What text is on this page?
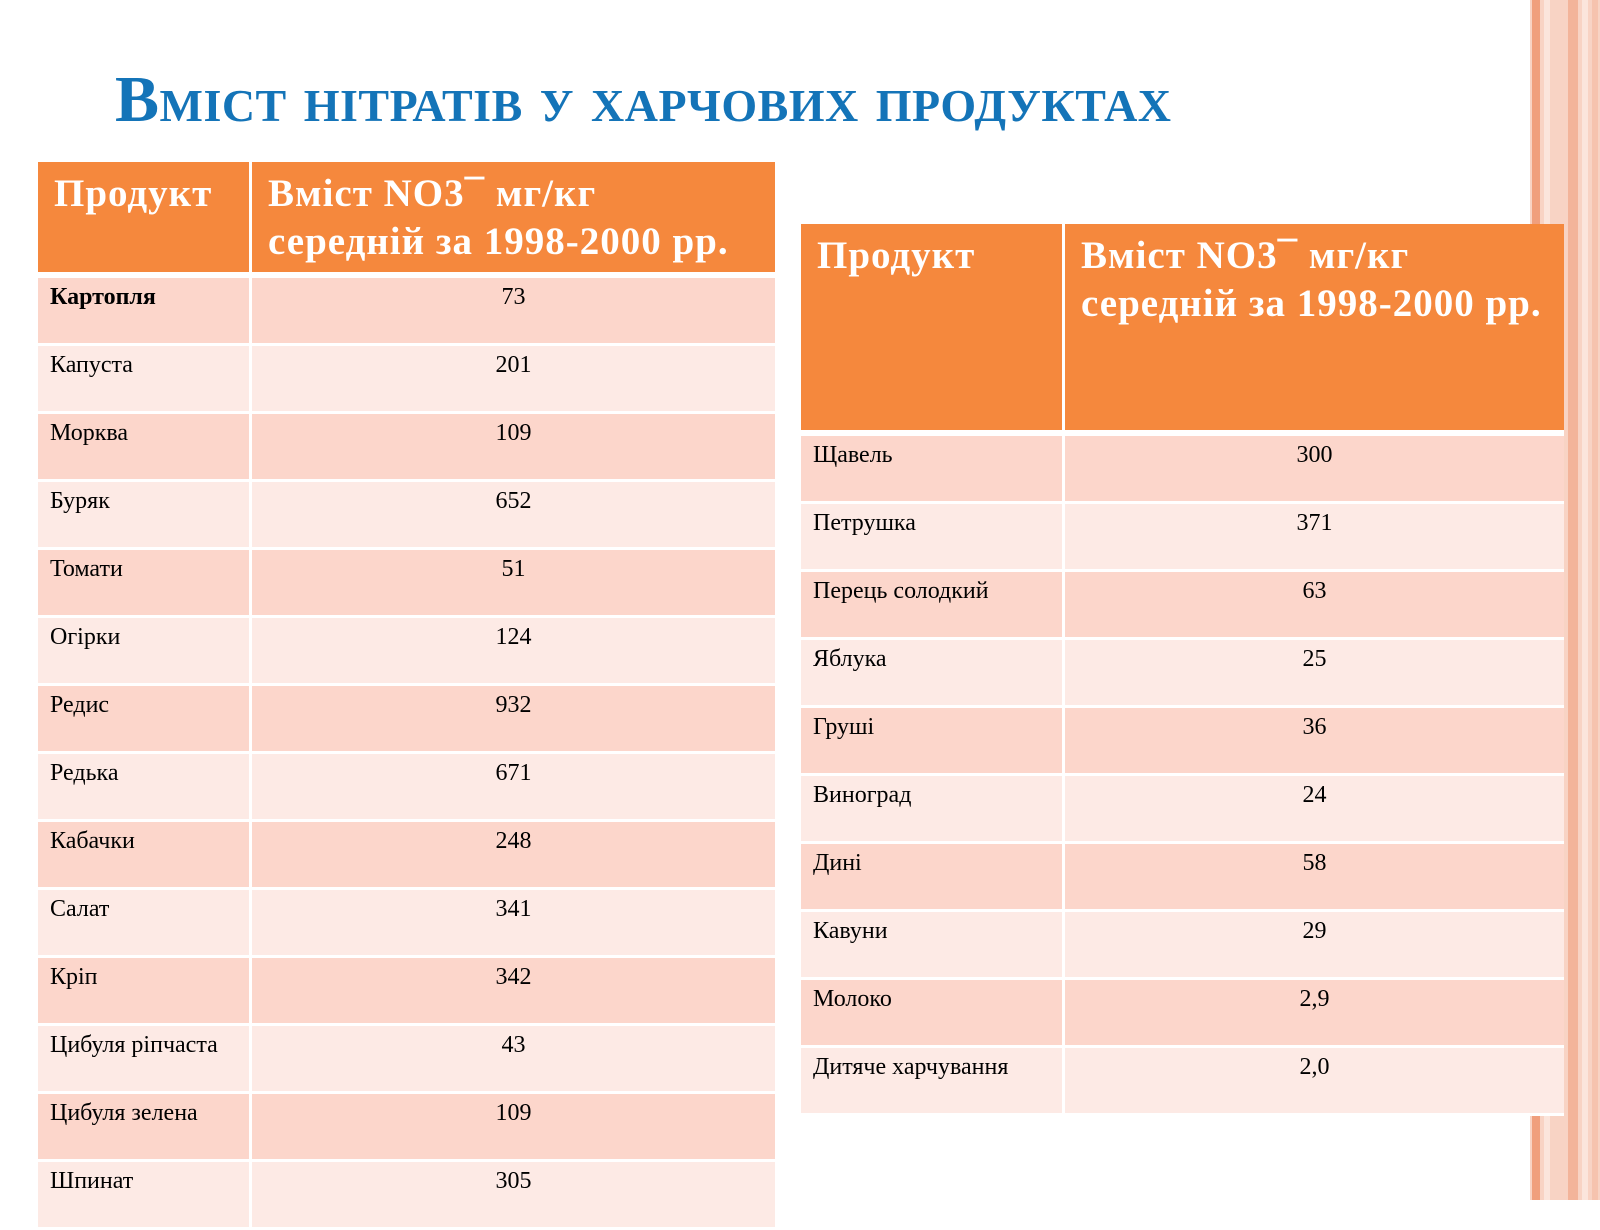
Вміст нітратів у харчових продуктах
Продукт	Вміст NO3¯ мг/кг середній за 1998-2000 рр.
Картопля	73
Капуста	201
Морква	109
Буряк	652
Томати	51
Огірки	124
Редис	932
Редька	671
Кабачки	248
Салат	341
Кріп	342
Цибуля ріпчаста	43
Цибуля зелена	109
Шпинат	305
Продукт	Вміст NO3¯ мг/кг середній за 1998-2000 рр.
Щавель	300
Петрушка	371
Перець солодкий	63
Яблука	25
Груші	36
Виноград	24
Дині	58
Кавуни	29
Молоко	2,9
Дитяче харчування	2,0
